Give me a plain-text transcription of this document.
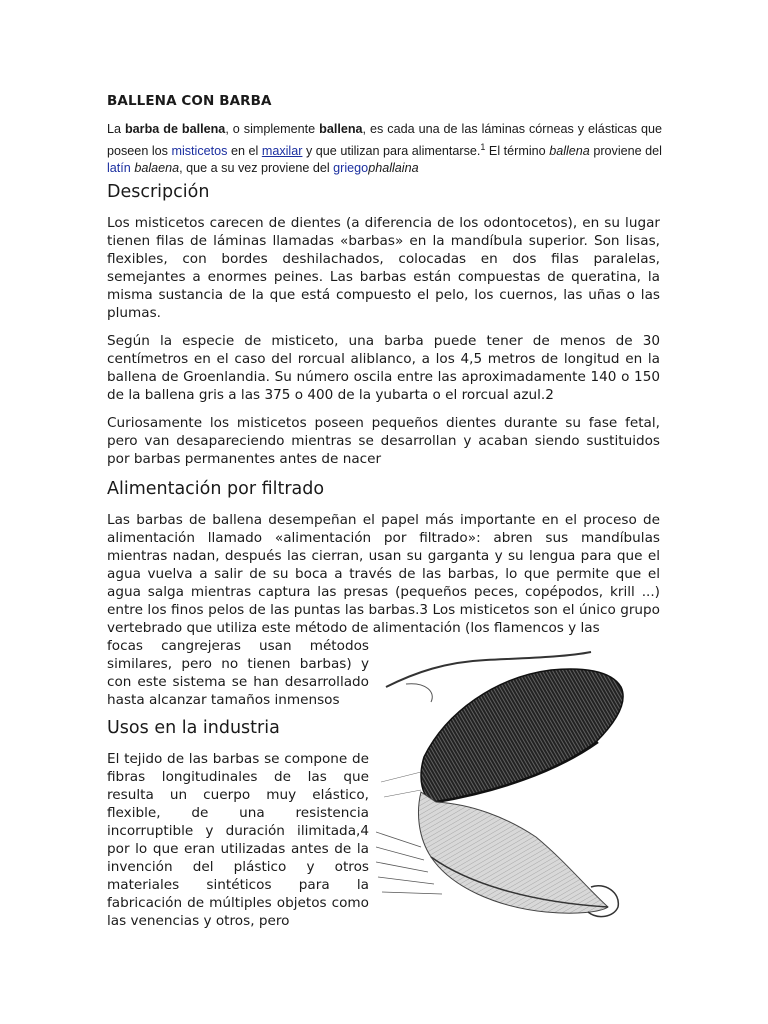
BALLENA CON BARBA
La barba de ballena, o simplemente ballena, es cada una de las láminas córneas y elásticas que poseen los misticetos en el maxilar y que utilizan para alimentarse.$^1$ El término ballena proviene del latín balaena, que a su vez proviene del griegophallaina
Descripción

Los misticetos carecen de dientes (a diferencia de los odontocetos), en su lugar tienen filas de láminas llamadas «barbas» en la mandíbula superior. Son lisas, flexibles, con bordes deshilachados, colocadas en dos filas paralelas, semejantes a enormes peines. Las barbas están compuestas de queratina, la misma sustancia de la que está compuesto el pelo, los cuernos, las uñas o las plumas.

Según la especie de misticeto, una barba puede tener de menos de 30 centímetros en el caso del rorcual aliblanco, a los 4,5 metros de longitud en la ballena de Groenlandia. Su número oscila entre las aproximadamente 140 o 150 de la ballena gris a las 375 o 400 de la yubarta o el rorcual azul.2

Curiosamente los misticetos poseen pequeños dientes durante su fase fetal, pero van desapareciendo mientras se desarrollan y acaban siendo sustituidos por barbas permanentes antes de nacer

Alimentación por filtrado

Las barbas de ballena desempeñan el papel más importante en el proceso de alimentación llamado «alimentación por filtrado»: abren sus mandíbulas mientras nadan, después las cierran, usan su garganta y su lengua para que el agua vuelva a salir de su boca a través de las barbas, lo que permite que el agua salga mientras captura las presas (pequeños peces, copépodos, krill ...) entre los finos pelos de las puntas las barbas.3 Los misticetos son el único grupo vertebrado que utiliza este método de alimentación (los flamencos y las

focas cangrejeras usan métodos similares, pero no tienen barbas) y con este sistema se han desarrollado hasta alcanzar tamaños inmensos

Usos en la industria

El tejido de las barbas se compone de fibras longitudinales de las que resulta un cuerpo muy elástico, flexible, de una resistencia incorruptible y duración ilimitada,4 por lo que eran utilizadas antes de la invención del plástico y otros materiales sintéticos para la fabricación de múltiples objetos como las venencias y otros, pero
